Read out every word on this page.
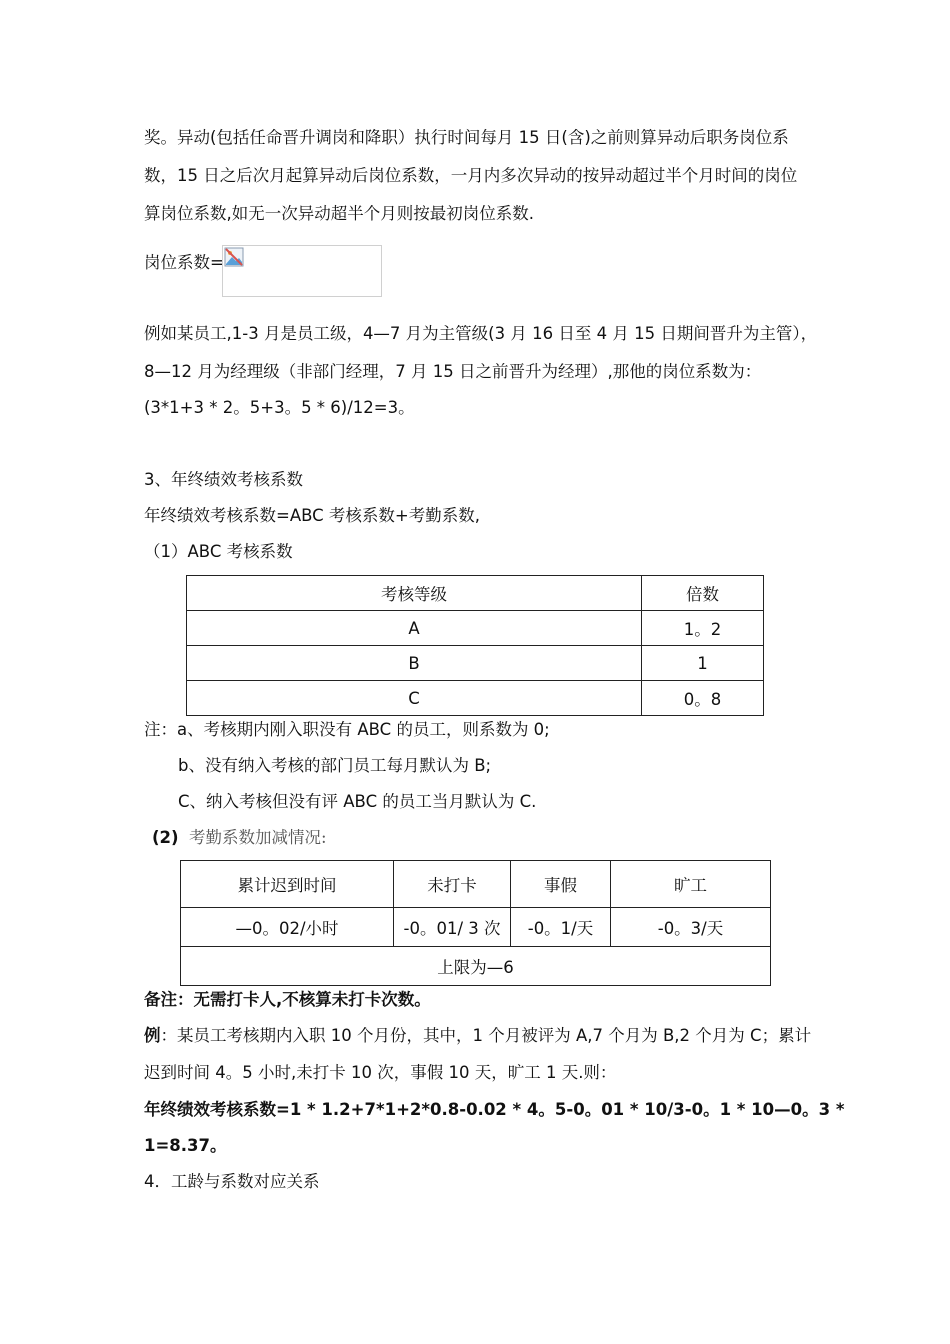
奖。异动(包括任命晋升调岗和降职）执行时间每月 15 日(含)之前则算异动后职务岗位系
数，15 日之后次月起算异动后岗位系数，一月内多次异动的按异动超过半个月时间的岗位
算岗位系数,如无一次异动超半个月则按最初岗位系数.
岗位系数=
例如某员工,1-3 月是员工级，4—7 月为主管级(3 月 16 日至 4 月 15 日期间晋升为主管），
8—12 月为经理级（非部门经理，7 月 15 日之前晋升为经理）,那他的岗位系数为：
(3*1+3 * 2。5+3。5 * 6)/12=3。
3、年终绩效考核系数
年终绩效考核系数=ABC 考核系数+考勤系数,
（1）ABC 考核系数
考核等级	倍数
A	1。2
B	1
C	0。8
注：a、考核期内刚入职没有 ABC 的员工，则系数为 0;
b、没有纳入考核的部门员工每月默认为 B;
C、纳入考核但没有评 ABC 的员工当月默认为 C.
(2) 考勤系数加减情况:
累计迟到时间	未打卡	事假	旷工
—0。02/小时	-0。01/ 3 次	-0。1/天	-0。3/天
上限为—6			
备注：无需打卡人,不核算未打卡次数。
例：某员工考核期内入职 10 个月份，其中，1 个月被评为 A,7 个月为 B,2 个月为 C；累计
迟到时间 4。5 小时,未打卡 10 次，事假 10 天，旷工 1 天.则：
年终绩效考核系数=1 * 1.2+7*1+2*0.8-0.02 * 4。5-0。01 * 10/3-0。1 * 10—0。3 *
1=8.37。
4．工龄与系数对应关系
